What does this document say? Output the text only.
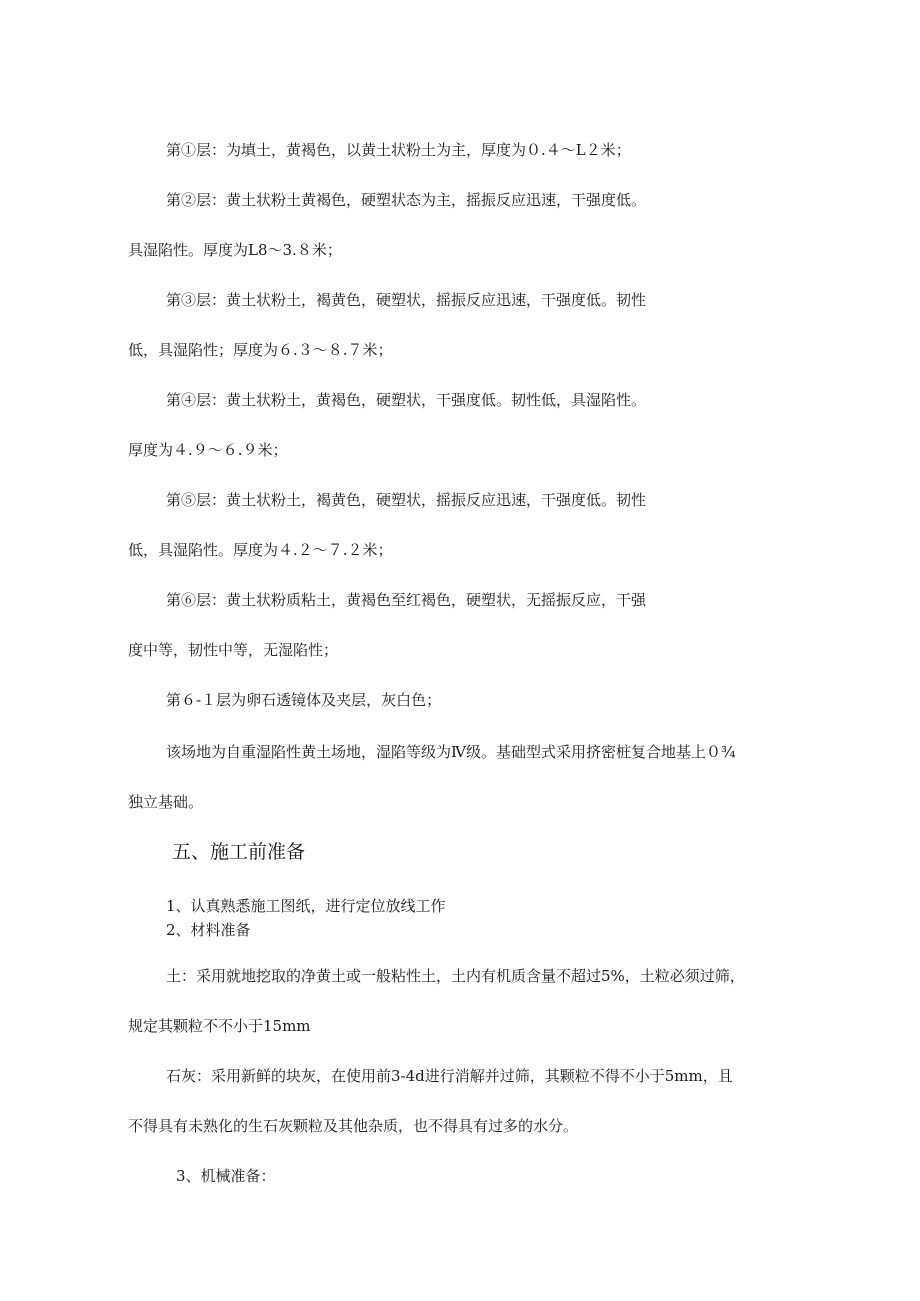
第①层：为填土，黄褐色，以黄土状粉土为主，厚度为０.４～L２米；
第②层：黄土状粉土黄褐色，硬塑状态为主，摇振反应迅速，干强度低。
具湿陷性。厚度为L8～3.８米；
第③层：黄土状粉土，褐黄色，硬塑状，摇振反应迅速，干强度低。韧性
低，具湿陷性；厚度为６.３～８.７米；
第④层：黄土状粉土，黄褐色，硬塑状，干强度低。韧性低，具湿陷性。
厚度为４.９～６.９米；
第⑤层：黄土状粉土，褐黄色，硬塑状，摇振反应迅速，干强度低。韧性
低，具湿陷性。厚度为４.２～７.２米；
第⑥层：黄土状粉质粘土，黄褐色至红褐色，硬塑状，无摇振反应，干强
度中等，韧性中等，无湿陷性；
第６-１层为卵石透镜体及夹层，灰白色；
该场地为自重湿陷性黄土场地，湿陷等级为Ⅳ级。基础型式采用挤密桩复合地基上０¾
独立基础。
五、施工前准备
1、认真熟悉施工图纸，进行定位放线工作
2、材料准备
土：采用就地挖取的净黄土或一般粘性土，土内有机质含量不超过5%，土粒必须过筛，
规定其颗粒不不小于15mm
石灰：采用新鲜的块灰，在使用前3-4d进行消解并过筛，其颗粒不得不小于5mm，且
不得具有未熟化的生石灰颗粒及其他杂质，也不得具有过多的水分。
3、机械准备：
